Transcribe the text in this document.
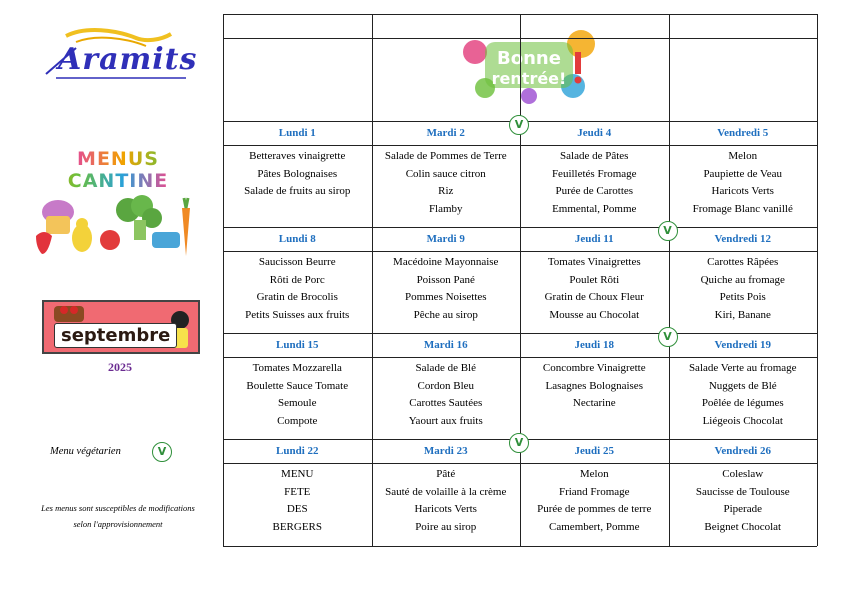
Aramits
MENUS CANTINE
septembre
2025
Menu végétarien	V
Les menus sont susceptibles de modifications
selon l'approvisionnement
Bonne
rentrée!
Lundi 1
Betteraves vinaigrette
Pâtes Bolognaises
Salade de fruits au sirop
Mardi 2
Salade de Pommes de Terre
Colin sauce citron
Riz
Flamby
Jeudi 4
V
Salade de Pâtes
Feuilletés Fromage
Purée de Carottes
Emmental, Pomme
Vendredi 5
Melon
Paupiette de Veau
Haricots Verts
Fromage Blanc vanillé
Lundi 8
Saucisson Beurre
Rôti de Porc
Gratin de Brocolis
Petits Suisses aux fruits
Mardi 9
Macédoine Mayonnaise
Poisson Pané
Pommes Noisettes
Pêche au sirop
Jeudi 11
Tomates Vinaigrettes
Poulet Rôti
Gratin de Choux Fleur
Mousse au Chocolat
Vendredi 12
V
Carottes Râpées
Quiche au fromage
Petits Pois
Kiri, Banane
Lundi 15
Tomates Mozzarella
Boulette Sauce Tomate
Semoule
Compote
Mardi 16
Salade de Blé
Cordon Bleu
Carottes Sautées
Yaourt aux fruits
Jeudi 18
Concombre Vinaigrette
Lasagnes Bolognaises
Nectarine
Vendredi 19
V
Salade Verte au fromage
Nuggets de Blé
Poêlée de légumes
Liégeois Chocolat
Lundi 22
MENU
FETE
DES
BERGERS
Mardi 23
Pâté
Sauté de volaille à la crème
Haricots Verts
Poire au sirop
Jeudi 25
V
Melon
Friand Fromage
Purée de pommes de terre
Camembert, Pomme
Vendredi 26
Coleslaw
Saucisse de Toulouse
Piperade
Beignet Chocolat
